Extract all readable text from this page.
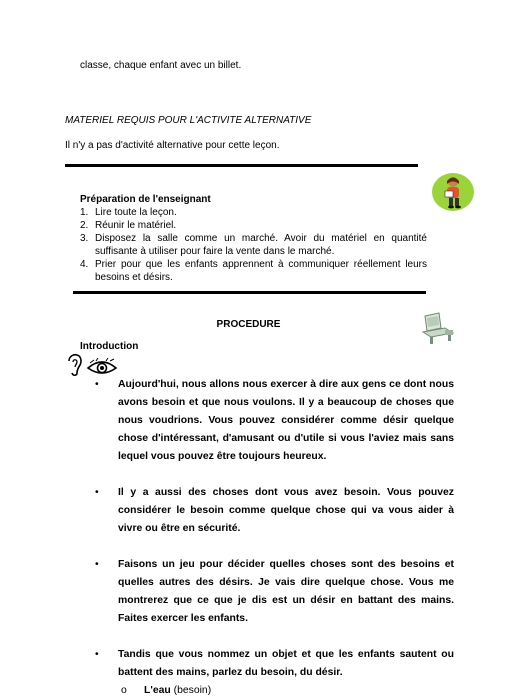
classe, chaque enfant avec un billet.
MATERIEL REQUIS POUR L'ACTIVITE ALTERNATIVE
Il n'y a pas d'activité alternative pour cette leçon.
Préparation de l'enseignant
1. Lire toute la leçon.
2. Réunir le matériel.
3. Disposez la salle comme un marché. Avoir du matériel en quantité suffisante à utiliser pour faire la vente dans le marché.
4. Prier pour que les enfants apprennent à communiquer réellement leurs besoins et désirs.
PROCEDURE
Introduction
• Aujourd'hui, nous allons nous exercer à dire aux gens ce dont nous avons besoin et que nous voulons. Il y a beaucoup de choses que nous voudrions. Vous pouvez considérer comme désir quelque chose d'intéressant, d'amusant ou d'utile si vous l'aviez mais sans lequel vous pouvez être toujours heureux.
• Il y a aussi des choses dont vous avez besoin. Vous pouvez considérer le besoin comme quelque chose qui va vous aider à vivre ou être en sécurité.
• Faisons un jeu pour décider quelles choses sont des besoins et quelles autres des désirs. Je vais dire quelque chose. Vous me montrerez que ce que je dis est un désir en battant des mains. Faites exercer les enfants.
• Tandis que vous nommez un objet et que les enfants sautent ou battent des mains, parlez du besoin, du désir.
o L'eau (besoin)
